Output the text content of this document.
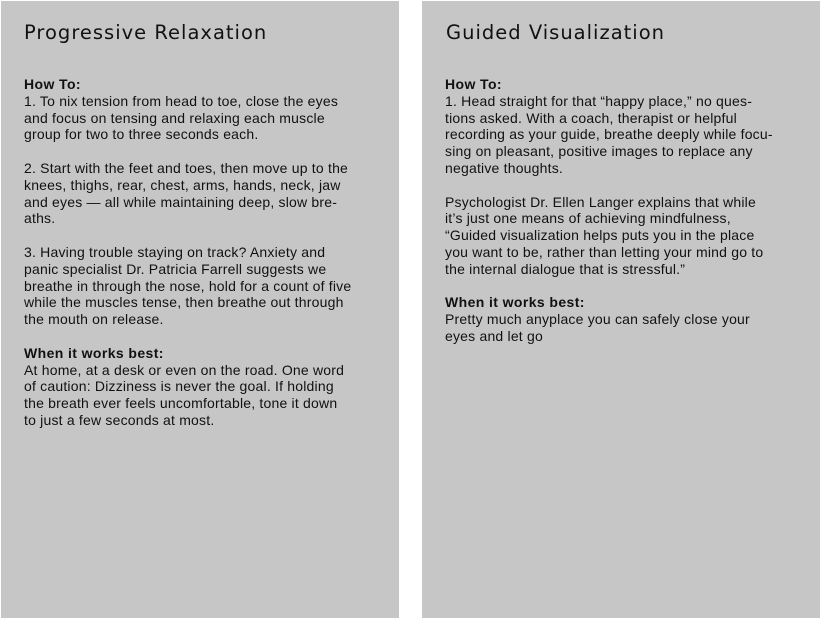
Progressive Relaxation
How To:
1. To nix tension from head to toe, close the eyes
and focus on tensing and relaxing each muscle
group for two to three seconds each.
2. Start with the feet and toes, then move up to the
knees, thighs, rear, chest, arms, hands, neck, jaw
and eyes — all while maintaining deep, slow bre-
aths.
3. Having trouble staying on track? Anxiety and
panic specialist Dr. Patricia Farrell suggests we
breathe in through the nose, hold for a count of five
while the muscles tense, then breathe out through
the mouth on release.
When it works best:
At home, at a desk or even on the road. One word
of caution: Dizziness is never the goal. If holding
the breath ever feels uncomfortable, tone it down
to just a few seconds at most.
Guided Visualization
How To:
1. Head straight for that “happy place,” no ques-
tions asked. With a coach, therapist or helpful
recording as your guide, breathe deeply while focu-
sing on pleasant, positive images to replace any
negative thoughts.
Psychologist Dr. Ellen Langer explains that while
it’s just one means of achieving mindfulness,
“Guided visualization helps puts you in the place
you want to be, rather than letting your mind go to
the internal dialogue that is stressful.”
When it works best:
Pretty much anyplace you can safely close your
eyes and let go
